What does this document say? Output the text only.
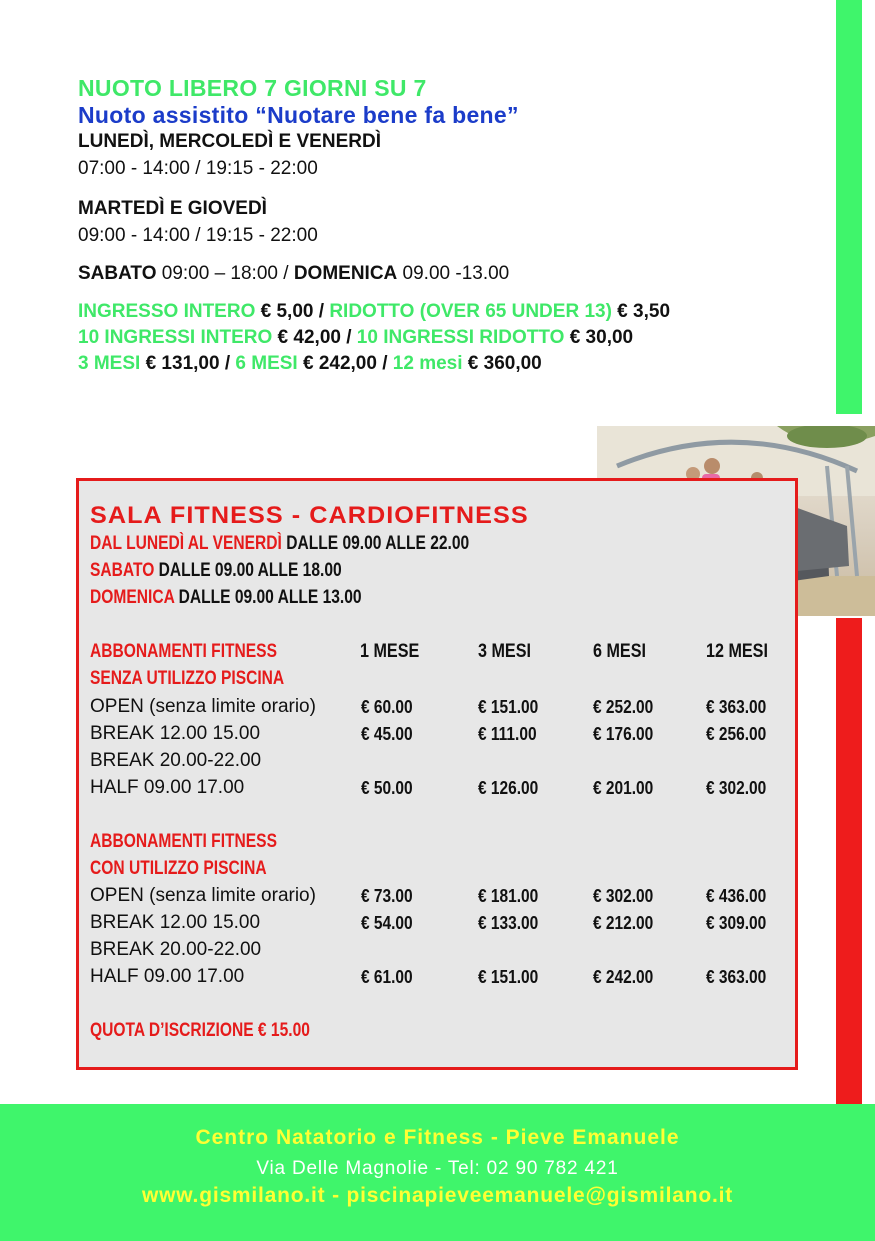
NUOTO LIBERO 7 GIORNI SU 7
Nuoto assistito “Nuotare bene fa bene”
LUNEDÌ, MERCOLEDÌ E VENERDÌ
07:00 - 14:00 / 19:15 - 22:00
MARTEDÌ E GIOVEDÌ
09:00 - 14:00 / 19:15 - 22:00
SABATO 09:00 – 18:00 / DOMENICA 09.00 -13.00
INGRESSO INTERO € 5,00 / RIDOTTO (OVER 65 UNDER 13) € 3,50
10 INGRESSI INTERO € 42,00 / 10 INGRESSI RIDOTTO € 30,00
3 MESI € 131,00 / 6 MESI € 242,00 / 12 mesi € 360,00
SALA FITNESS - CARDIOFITNESS
DAL LUNEDÌ AL VENERDÌ DALLE 09.00 ALLE 22.00
SABATO DALLE 09.00 ALLE 18.00
DOMENICA DALLE 09.00 ALLE 13.00
1 MESE	3 MESI	6 MESI	12 MESI
ABBONAMENTI FITNESS
SENZA UTILIZZO PISCINA
OPEN (senza limite orario)	€ 60.00	€ 151.00	€ 252.00	€ 363.00
BREAK 12.00 15.00	€ 45.00	€ 111.00	€ 176.00	€ 256.00
BREAK 20.00-22.00
HALF 09.00 17.00	€ 50.00	€ 126.00	€ 201.00	€ 302.00
ABBONAMENTI FITNESS
CON UTILIZZO PISCINA
OPEN (senza limite orario)	€ 73.00	€ 181.00	€ 302.00	€ 436.00
BREAK 12.00 15.00	€ 54.00	€ 133.00	€ 212.00	€ 309.00
BREAK 20.00-22.00
HALF 09.00 17.00	€ 61.00	€ 151.00	€ 242.00	€ 363.00
QUOTA D’ISCRIZIONE € 15.00
Centro Natatorio e Fitness - Pieve Emanuele
Via Delle Magnolie - Tel: 02 90 782 421
www.gismilano.it - piscinapieveemanuele@gismilano.it
